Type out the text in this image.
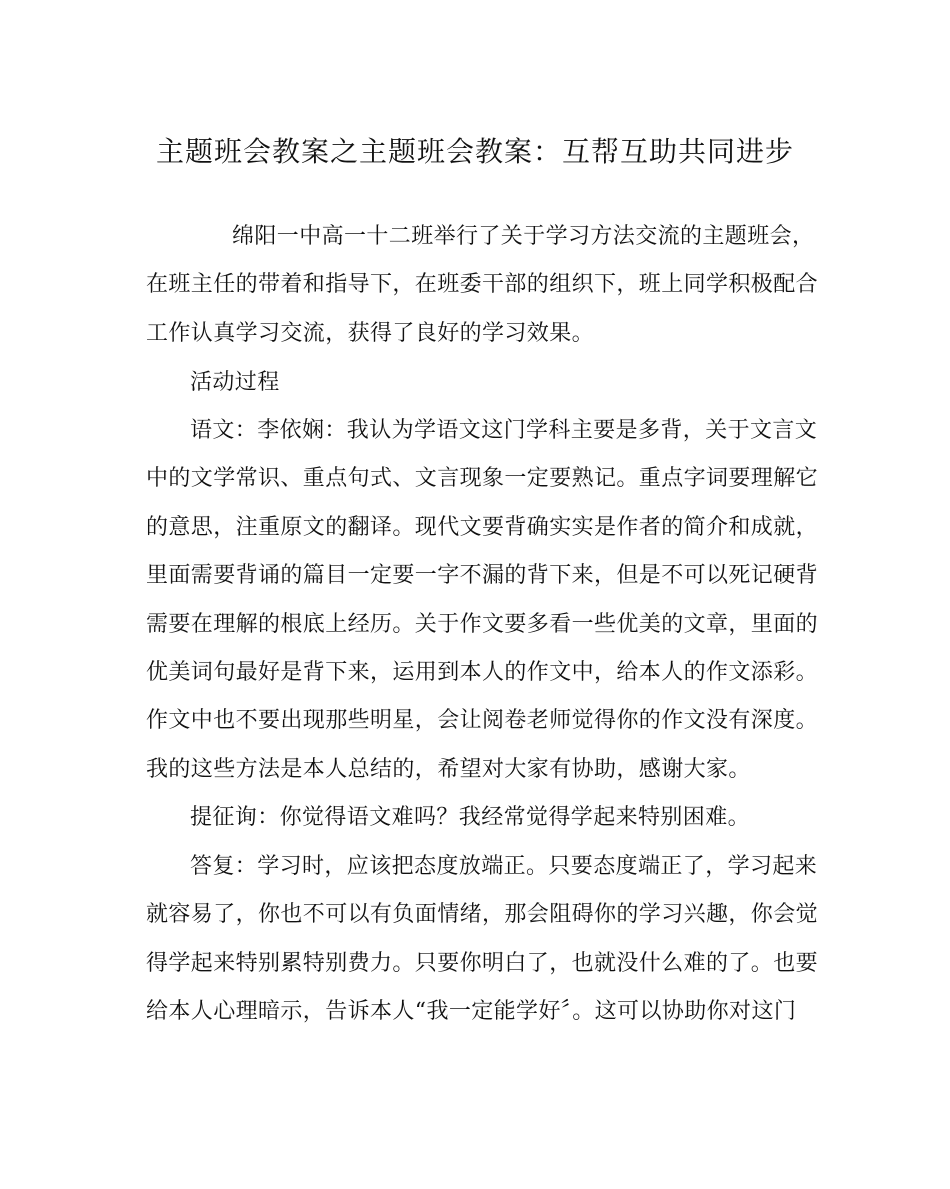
主题班会教案之主题班会教案：互帮互助共同进步
绵阳一中高一十二班举行了关于学习方法交流的主题班会，
在班主任的带着和指导下，在班委干部的组织下，班上同学积极配合
工作认真学习交流，获得了良好的学习效果。
活动过程
语文：李依娴：我认为学语文这门学科主要是多背，关于文言文
中的文学常识、重点句式、文言现象一定要熟记。重点字词要理解它
的意思，注重原文的翻译。现代文要背确实实是作者的简介和成就，
里面需要背诵的篇目一定要一字不漏的背下来，但是不可以死记硬背
需要在理解的根底上经历。关于作文要多看一些优美的文章，里面的
优美词句最好是背下来，运用到本人的作文中，给本人的作文添彩。
作文中也不要出现那些明星，会让阅卷老师觉得你的作文没有深度。
我的这些方法是本人总结的，希望对大家有协助，感谢大家。
提征询：你觉得语文难吗？我经常觉得学起来特别困难。
答复：学习时，应该把态度放端正。只要态度端正了，学习起来
就容易了，你也不可以有负面情绪，那会阻碍你的学习兴趣，你会觉
得学起来特别累特别费力。只要你明白了，也就没什么难的了。也要
给本人心理暗示，告诉本人“我一定能学好〞。这可以协助你对这门
